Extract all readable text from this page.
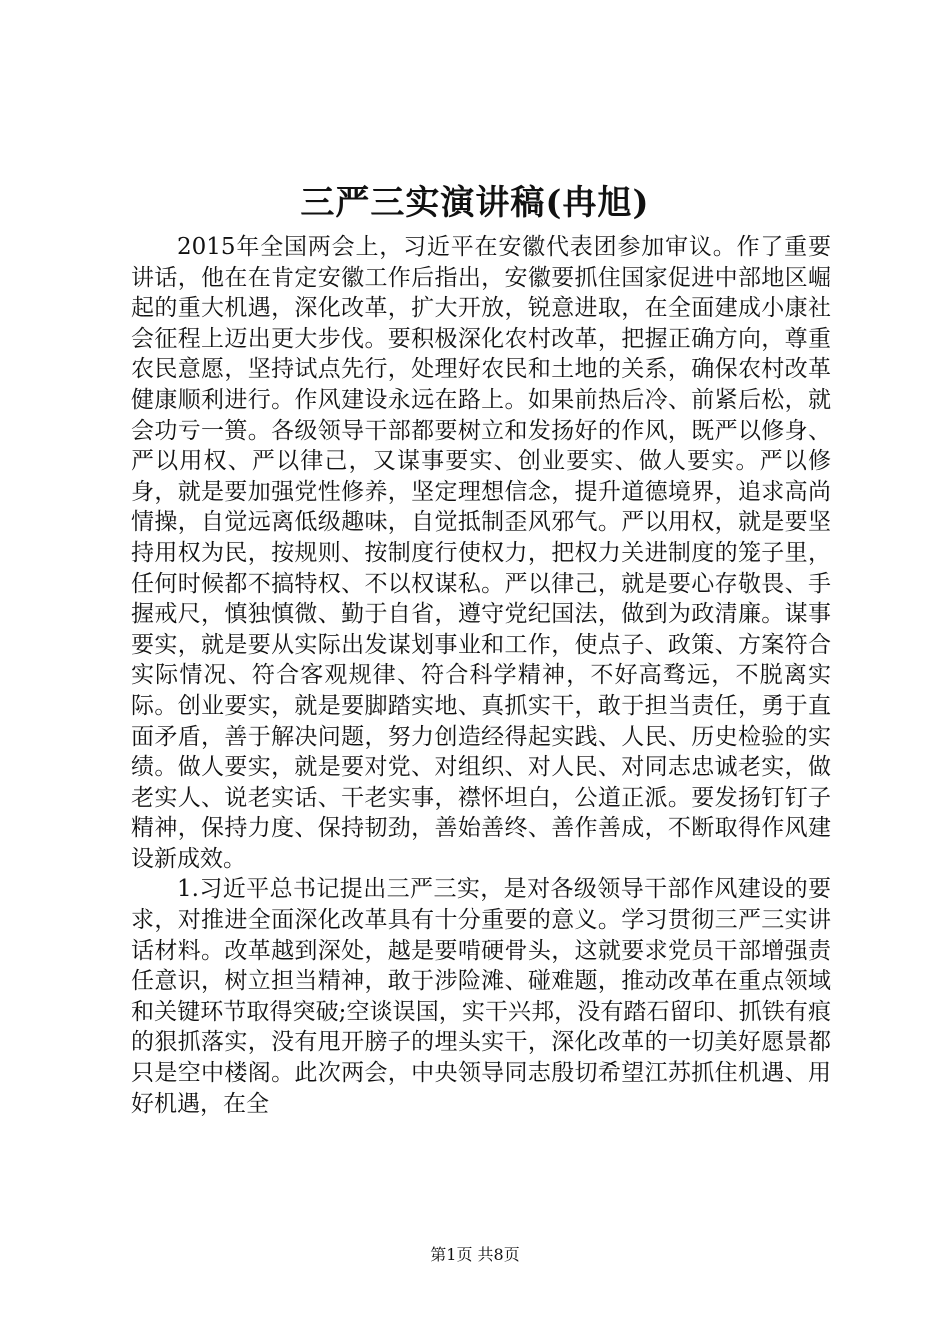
三严三实演讲稿(冉旭)

2015年全国两会上，习近平在安徽代表团参加审议。作了重要讲话，他在在肯定安徽工作后指出，安徽要抓住国家促进中部地区崛起的重大机遇，深化改革，扩大开放，锐意进取，在全面建成小康社会征程上迈出更大步伐。要积极深化农村改革，把握正确方向，尊重农民意愿，坚持试点先行，处理好农民和土地的关系，确保农村改革健康顺利进行。作风建设永远在路上。如果前热后冷、前紧后松，就会功亏一篑。各级领导干部都要树立和发扬好的作风，既严以修身、严以用权、严以律己，又谋事要实、创业要实、做人要实。严以修身，就是要加强党性修养，坚定理想信念，提升道德境界，追求高尚情操，自觉远离低级趣味，自觉抵制歪风邪气。严以用权，就是要坚持用权为民，按规则、按制度行使权力，把权力关进制度的笼子里，任何时候都不搞特权、不以权谋私。严以律己，就是要心存敬畏、手握戒尺，慎独慎微、勤于自省，遵守党纪国法，做到为政清廉。谋事要实，就是要从实际出发谋划事业和工作，使点子、政策、方案符合实际情况、符合客观规律、符合科学精神，不好高骛远，不脱离实际。创业要实，就是要脚踏实地、真抓实干，敢于担当责任，勇于直面矛盾，善于解决问题，努力创造经得起实践、人民、历史检验的实绩。做人要实，就是要对党、对组织、对人民、对同志忠诚老实，做老实人、说老实话、干老实事，襟怀坦白，公道正派。要发扬钉钉子精神，保持力度、保持韧劲，善始善终、善作善成，不断取得作风建设新成效。

1.习近平总书记提出三严三实，是对各级领导干部作风建设的要求，对推进全面深化改革具有十分重要的意义。学习贯彻三严三实讲话材料。改革越到深处，越是要啃硬骨头，这就要求党员干部增强责任意识，树立担当精神，敢于涉险滩、碰难题，推动改革在重点领域和关键环节取得突破;空谈误国，实干兴邦，没有踏石留印、抓铁有痕的狠抓落实，没有甩开膀子的埋头实干，深化改革的一切美好愿景都只是空中楼阁。此次两会，中央领导同志殷切希望江苏抓住机遇、用好机遇，在全

第1页 共8页
